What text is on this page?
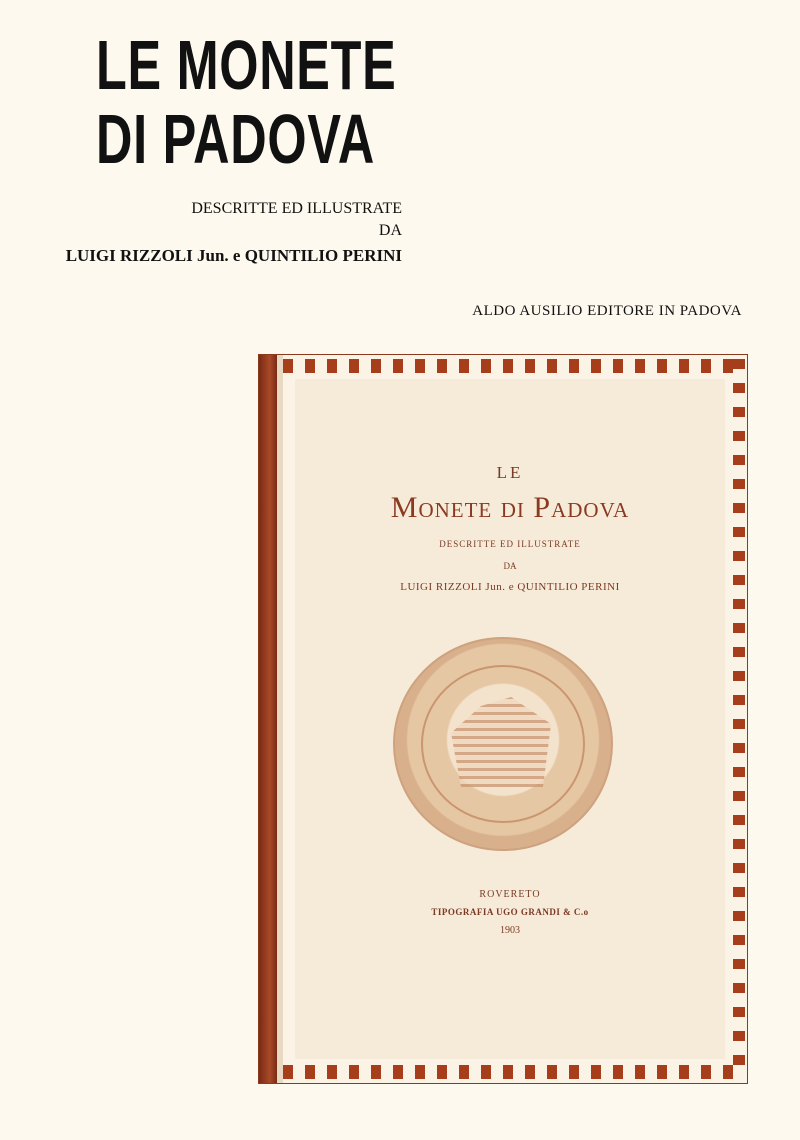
LE MONETE
DI PADOVA
DESCRITTE ED ILLUSTRATE
DA
LUIGI RIZZOLI Jun. e QUINTILIO PERINI
ALDO AUSILIO EDITORE IN PADOVA
LE
Monete di Padova
DESCRITTE ED ILLUSTRATE
DA
LUIGI RIZZOLI Jun. e QUINTILIO PERINI
ROVERETO
TIPOGRAFIA UGO GRANDI & C.o
1903
